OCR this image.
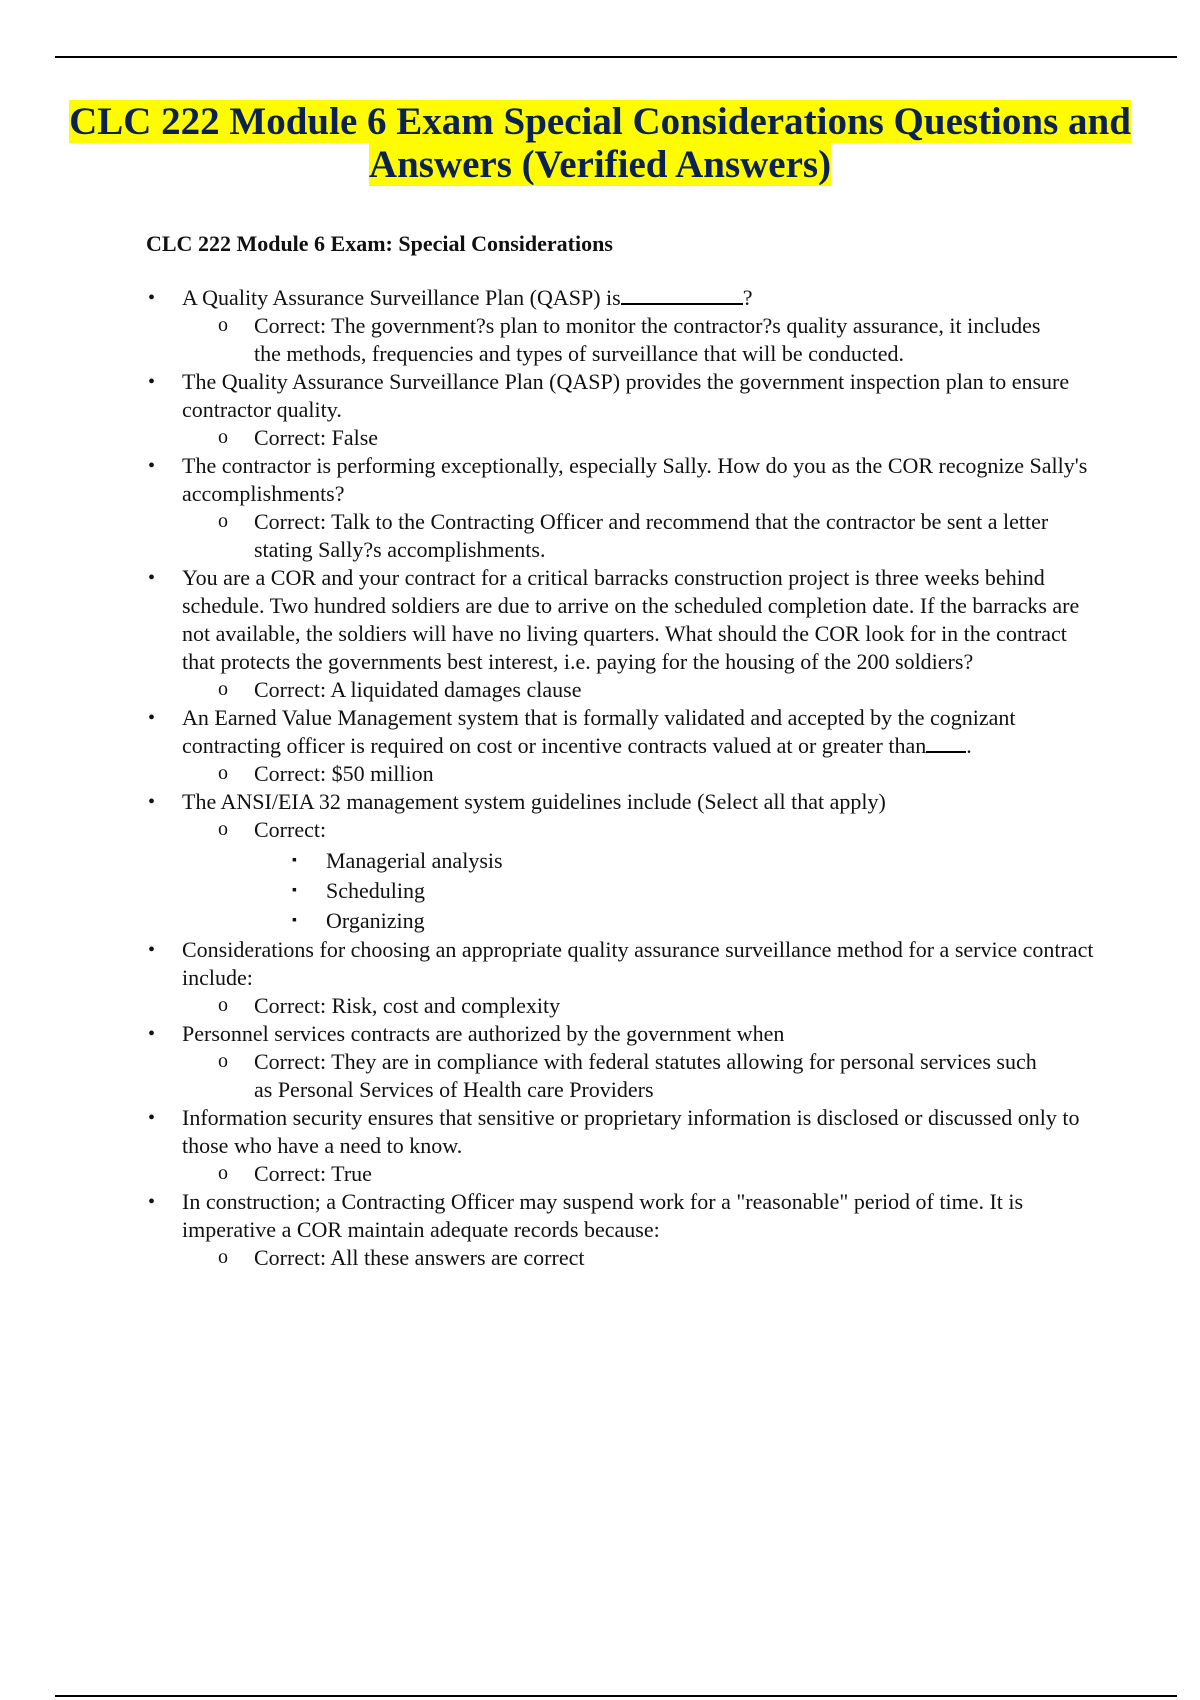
CLC 222 Module 6 Exam Special Considerations Questions and
Answers (Verified Answers)

CLC 222 Module 6 Exam: Special Considerations

• A Quality Assurance Surveillance Plan (QASP) is	?
o Correct: The government?s plan to monitor the contractor?s quality assurance, it includes the methods, frequencies and types of surveillance that will be conducted.
• The Quality Assurance Surveillance Plan (QASP) provides the government inspection plan to ensure contractor quality.
o Correct: False
• The contractor is performing exceptionally, especially Sally. How do you as the COR recognize Sally's accomplishments?
o Correct: Talk to the Contracting Officer and recommend that the contractor be sent a letter stating Sally?s accomplishments.
• You are a COR and your contract for a critical barracks construction project is three weeks behind schedule. Two hundred soldiers are due to arrive on the scheduled completion date. If the barracks are not available, the soldiers will have no living quarters. What should the COR look for in the contract that protects the governments best interest, i.e. paying for the housing of the 200 soldiers?
o Correct: A liquidated damages clause
• An Earned Value Management system that is formally validated and accepted by the cognizant contracting officer is required on cost or incentive contracts valued at or greater than .
o Correct: $50 million
• The ANSI/EIA 32 management system guidelines include (Select all that apply)
o Correct:
▪ Managerial analysis
▪ Scheduling
▪ Organizing
• Considerations for choosing an appropriate quality assurance surveillance method for a service contract include:
o Correct: Risk, cost and complexity
• Personnel services contracts are authorized by the government when
o Correct: They are in compliance with federal statutes allowing for personal services such as Personal Services of Health care Providers
• Information security ensures that sensitive or proprietary information is disclosed or discussed only to those who have a need to know.
o Correct: True
• In construction; a Contracting Officer may suspend work for a "reasonable" period of time. It is imperative a COR maintain adequate records because:
o Correct: All these answers are correct
